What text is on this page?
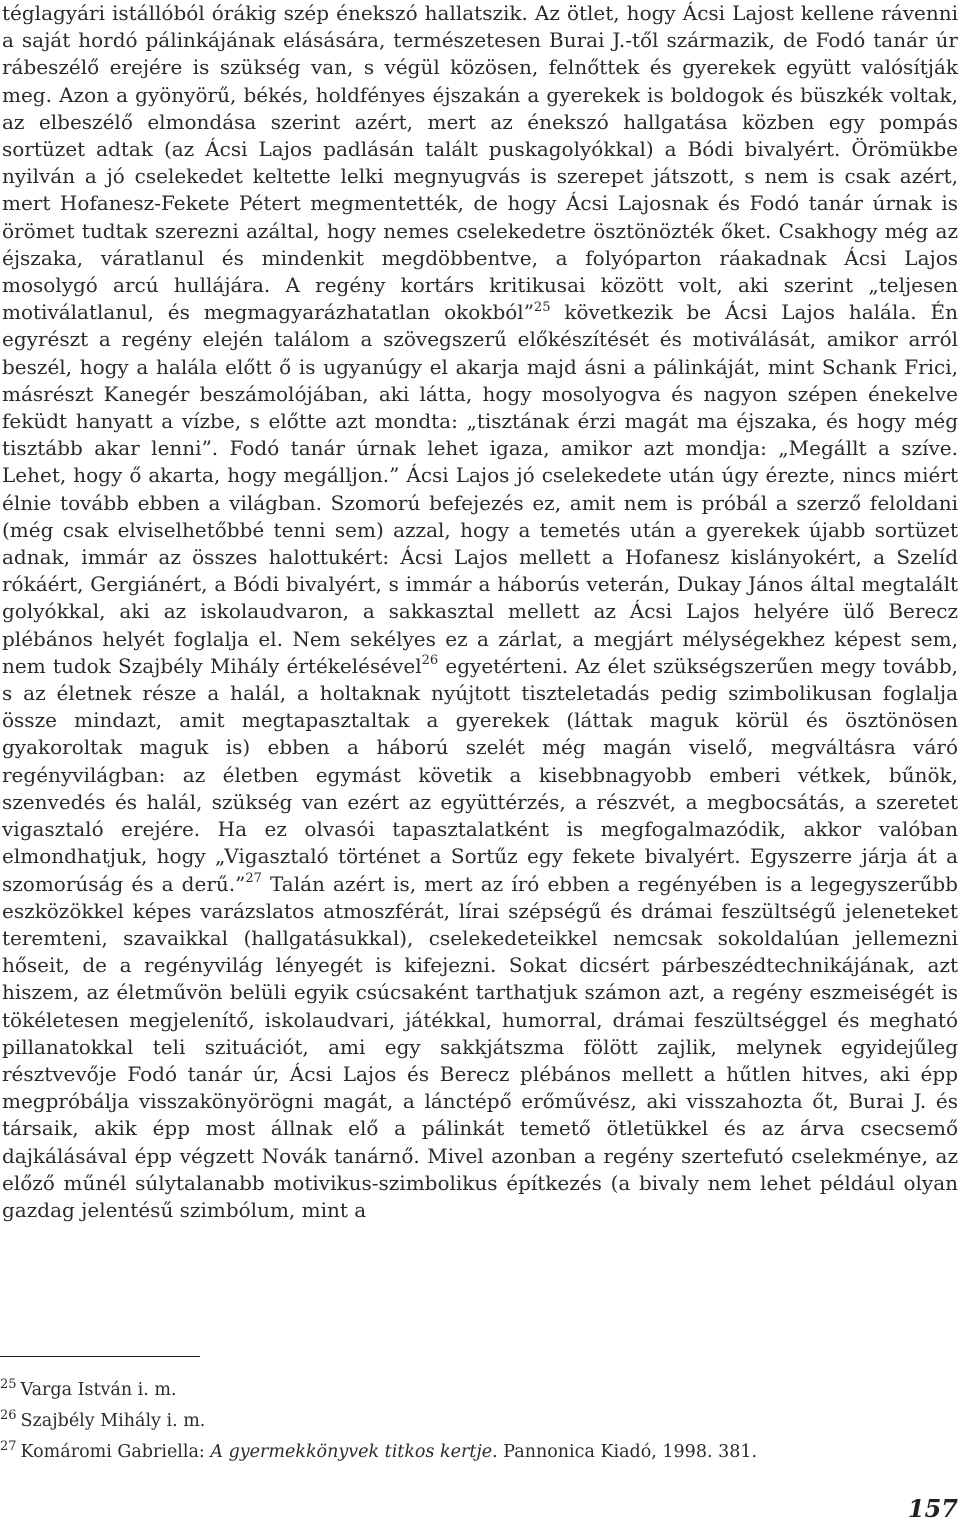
téglagyári istállóból órákig szép énekszó hallatszik. Az ötlet, hogy Ácsi Lajost kellene rávenni a saját hordó pálinkájának elásására, természetesen Burai J.-től származik, de Fodó tanár úr rábeszélő erejére is szükség van, s végül közösen, felnőttek és gyerekek együtt valósítják meg. Azon a gyönyörű, békés, holdfényes éjszakán a gyerekek is boldogok és büszkék voltak, az elbeszélő elmondása szerint azért, mert az énekszó hallgatása közben egy pompás sortüzet adtak (az Ácsi Lajos padlásán talált puskagolyókkal) a Bódi bivalyért. Örömükbe nyilván a jó cselekedet keltette lelki megnyugvás is szerepet játszott, s nem is csak azért, mert Hofanesz-Fekete Pétert megmentették, de hogy Ácsi Lajosnak és Fodó tanár úrnak is örömet tudtak szerezni azáltal, hogy nemes cselekedetre ösztönözték őket. Csakhogy még az éjszaka, váratlanul és mindenkit megdöbbentve, a folyóparton ráakadnak Ácsi Lajos mosolygó arcú hullájára. A regény kortárs kritikusai között volt, aki szerint „teljesen motiválatlanul, és megmagyarázhatatlan okokból”$^{25}$ következik be Ácsi Lajos halála. Én egyrészt a regény elején találom a szövegszerű előkészítését és motiválását, amikor arról beszél, hogy a halála előtt ő is ugyanúgy el akarja majd ásni a pálinkáját, mint Schank Frici, másrészt Kanegér beszámolójában, aki látta, hogy mosolyogva és nagyon szépen énekelve feküdt hanyatt a vízbe, s előtte azt mondta: „tisztának érzi magát ma éjszaka, és hogy még tisztább akar lenni”. Fodó tanár úrnak lehet igaza, amikor azt mondja: „Megállt a szíve. Lehet, hogy ő akarta, hogy megálljon.” Ácsi Lajos jó cselekedete után úgy érezte, nincs miért élnie tovább ebben a világban. Szomorú befejezés ez, amit nem is próbál a szerző feloldani (még csak elviselhetőbbé tenni sem) azzal, hogy a temetés után a gyerekek újabb sortüzet adnak, immár az összes halottukért: Ácsi Lajos mellett a Hofanesz kislányokért, a Szelíd rókáért, Gergiánért, a Bódi bivalyért, s immár a háborús veterán, Dukay János által megtalált golyókkal, aki az iskolaudvaron, a sakkasztal mellett az Ácsi Lajos helyére ülő Berecz plébános helyét foglalja el. Nem sekélyes ez a zárlat, a megjárt mélységekhez képest sem, nem tudok Szajbély Mihály értékelésével$^{26}$ egyetérteni. Az élet szükségszerűen megy tovább, s az életnek része a halál, a holtaknak nyújtott tiszteletadás pedig szimbolikusan foglalja össze mindazt, amit megtapasztaltak a gyerekek (láttak maguk körül és ösztönösen gyakoroltak maguk is) ebben a háború szelét még magán viselő, megváltásra váró regényvilágban: az életben egymást követik a kisebbnagyobb emberi vétkek, bűnök, szenvedés és halál, szükség van ezért az együttérzés, a részvét, a megbocsátás, a szeretet vigasztaló erejére. Ha ez olvasói tapasztalatként is megfogalmazódik, akkor valóban elmondhatjuk, hogy „Vigasztaló történet a Sortűz egy fekete bivalyért. Egyszerre járja át a szomorúság és a derű.”$^{27}$ Talán azért is, mert az író ebben a regényében is a legegyszerűbb eszközökkel képes varázslatos atmoszférát, lírai szépségű és drámai feszültségű jeleneteket teremteni, szavaikkal (hallgatásukkal), cselekedeteikkel nemcsak sokoldalúan jellemezni hőseit, de a regényvilág lényegét is kifejezni. Sokat dicsért párbeszédtechnikájának, azt hiszem, az életművön belüli egyik csúcsaként tarthatjuk számon azt, a regény eszmeiségét is tökéletesen megjelenítő, iskolaudvari, játékkal, humorral, drámai feszültséggel és megható pillanatokkal teli szituációt, ami egy sakkjátszma fölött zajlik, melynek egyidejűleg résztvevője Fodó tanár úr, Ácsi Lajos és Berecz plébános mellett a hűtlen hitves, aki épp megpróbálja visszakönyörögni magát, a lánctépő erőművész, aki visszahozta őt, Burai J. és társaik, akik épp most állnak elő a pálinkát temető ötletükkel és az árva csecsemő dajkálásával épp végzett Novák tanárnő. Mivel azonban a regény szertefutó cselekménye, az előző műnél súlytalanabb motivikus-szimbolikus építkezés (a bivaly nem lehet például olyan gazdag jelentésű szimbólum, mint a

$^{25}$ Varga István i. m.
$^{26}$ Szajbély Mihály i. m.
$^{27}$ Komáromi Gabriella: A gyermekkönyvek titkos kertje. Pannonica Kiadó, 1998. 381.
157
